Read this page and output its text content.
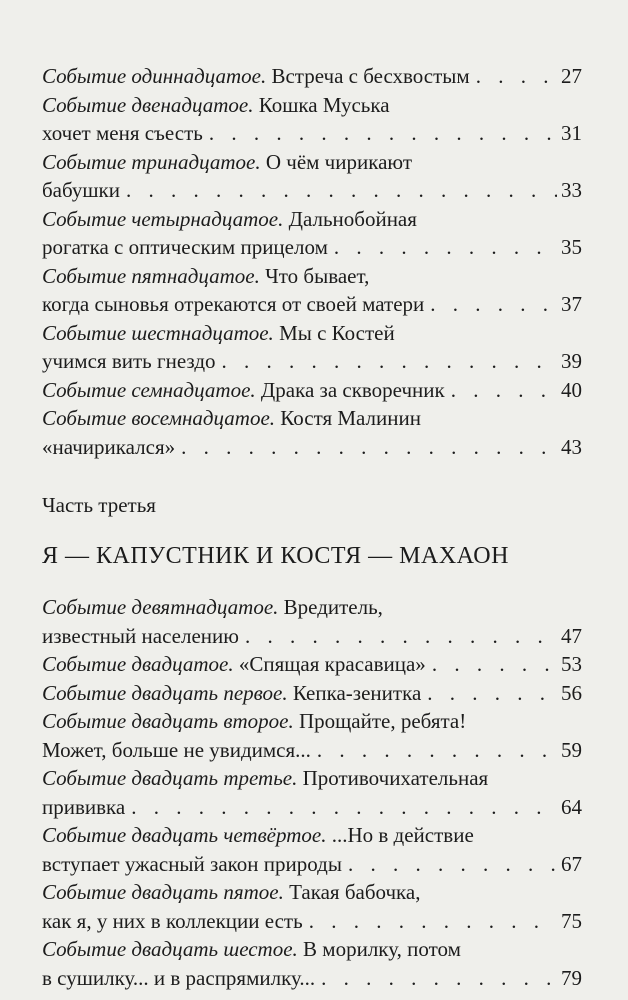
Событие одиннадцатое.
Встреча с бесхвостым . . .	27
Событие двенадцатое.
Кошка Муська
хочет меня съесть . . .	31
Событие тринадцатое.
О чём чирикают
бабушки . . .	33
Событие четырнадцатое.
Дальнобойная
рогатка с оптическим прицелом . . .	35
Событие пятнадцатое.
Что бывает,
когда сыновья отрекаются от своей матери . . .	37
Событие шестнадцатое.
Мы с Костей
учимся вить гнездо . . .	39
Событие семнадцатое.
Драка за скворечник . . .	40
Событие восемнадцатое.
Костя Малинин
«начирикался» . . .	43
Часть третья
Я — КАПУСТНИК И КОСТЯ — МАХАОН
Событие девятнадцатое.
Вредитель,
известный населению . . .	47
Событие двадцатое.
«Спящая красавица» . . .	53
Событие двадцать первое.
Кепка-зенитка . . .	56
Событие двадцать второе.
Прощайте, ребята!
Может, больше не увидимся... . . .	59
Событие двадцать третье.
Противочихательная
прививка . . .	64
Событие двадцать четвёртое.
...Но в действие
вступает ужасный закон природы . . .	67
Событие двадцать пятое.
Такая бабочка,
как я, у них в коллекции есть . . .	75
Событие двадцать шестое.
В морилку, потом
в сушилку... и в распрямилку... . . .	79
